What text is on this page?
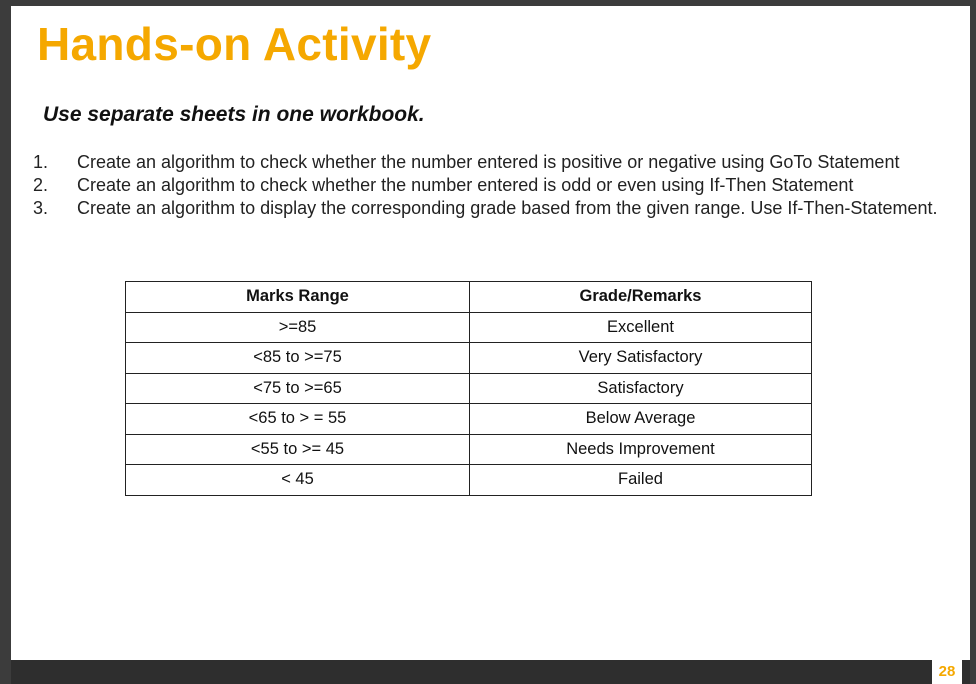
Hands-on Activity

Use separate sheets in one workbook.

1. Create an algorithm to check whether the number entered is positive or negative using GoTo Statement
2. Create an algorithm to check whether the number entered is odd or even using If-Then Statement
3. Create an algorithm to display the corresponding grade based from the given range. Use If-Then-Statement.
Marks Range	Grade/Remarks
>=85	Excellent
<85 to >=75	Very Satisfactory
<75 to >=65	Satisfactory
<65 to > = 55	Below Average
<55 to >= 45	Needs Improvement
< 45	Failed
28
